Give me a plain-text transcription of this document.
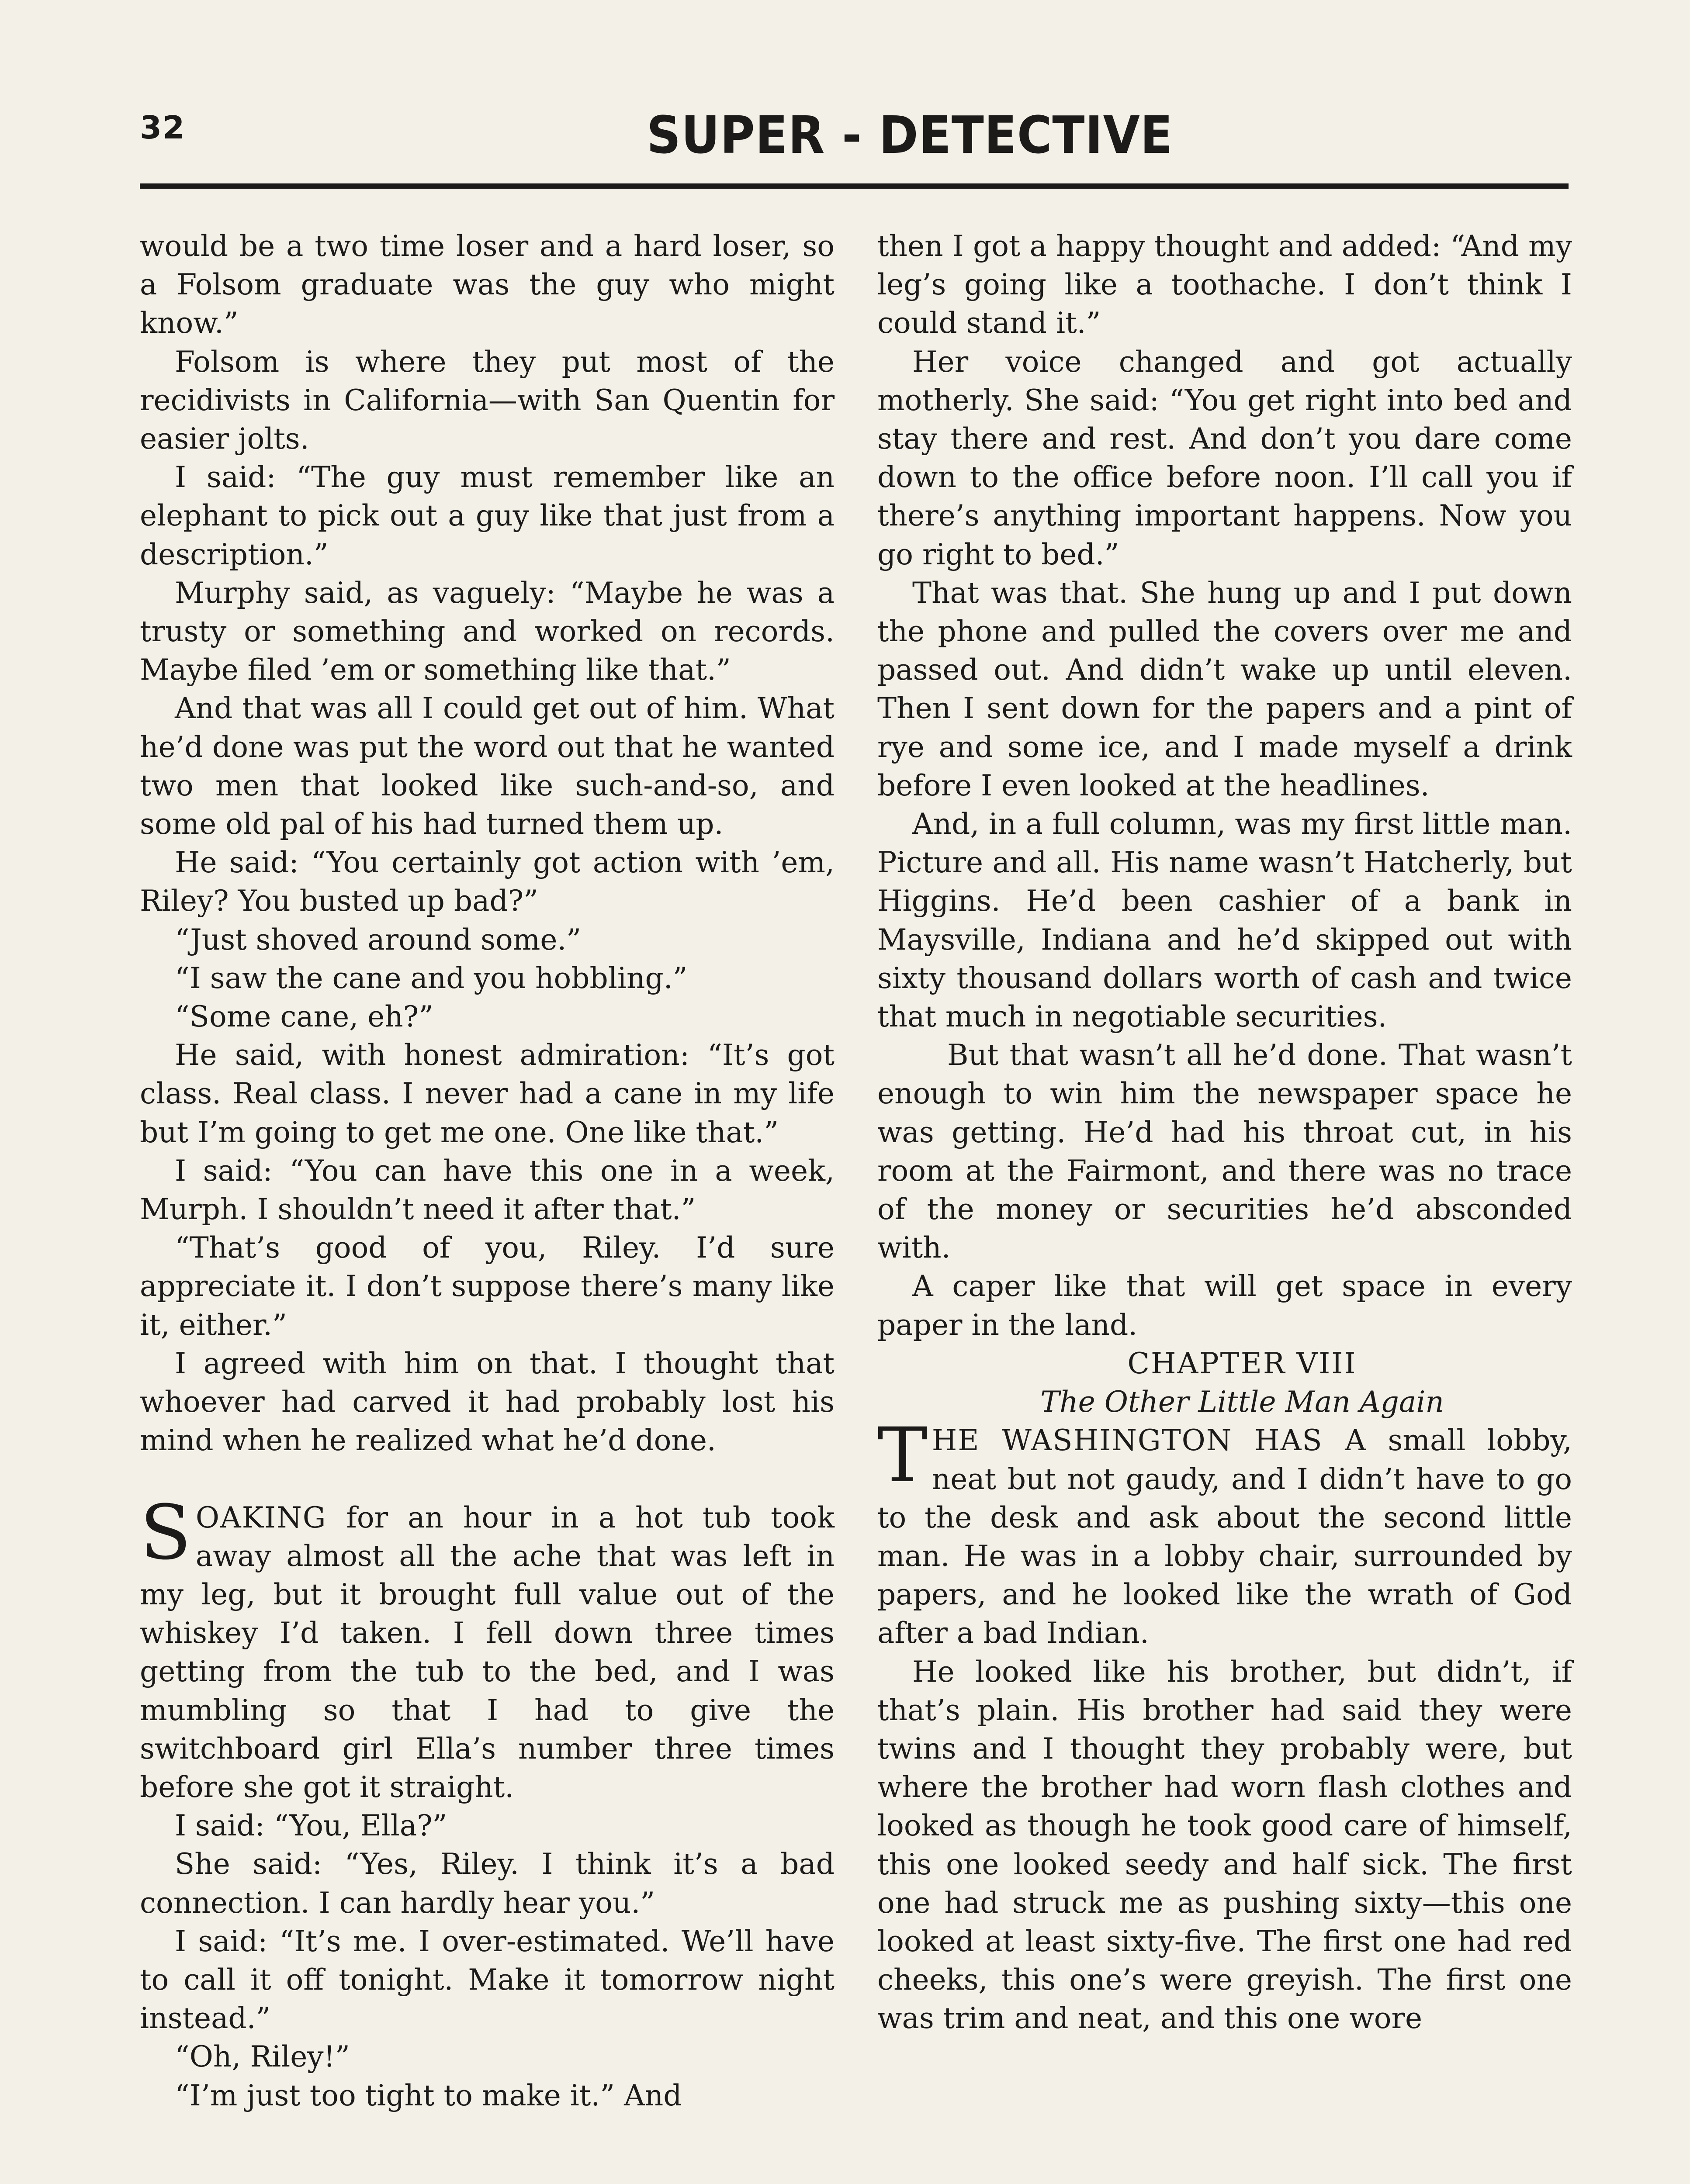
32	SUPER - DETECTIVE

would be a two time loser and a hard loser, so a Folsom graduate was the guy who might know.”

Folsom is where they put most of the recidivists in California—with San Quentin for easier jolts.

I said: “The guy must remember like an elephant to pick out a guy like that just from a description.”

Murphy said, as vaguely: “Maybe he was a trusty or something and worked on records. Maybe filed ’em or something like that.”

And that was all I could get out of him. What he’d done was put the word out that he wanted two men that looked like such-and-so, and some old pal of his had turned them up.

He said: “You certainly got action with ’em, Riley? You busted up bad?”

“Just shoved around some.”

“I saw the cane and you hobbling.”

“Some cane, eh?”

He said, with honest admiration: “It’s got class. Real class. I never had a cane in my life but I’m going to get me one. One like that.”

I said: “You can have this one in a week, Murph. I shouldn’t need it after that.”

“That’s good of you, Riley. I’d sure appreciate it. I don’t suppose there’s many like it, either.”

I agreed with him on that. I thought that whoever had carved it had probably lost his mind when he realized what he’d done.

SOAKING for an hour in a hot tub took away almost all the ache that was left in my leg, but it brought full value out of the whiskey I’d taken. I fell down three times getting from the tub to the bed, and I was mumbling so that I had to give the switchboard girl Ella’s number three times before she got it straight.

I said: “You, Ella?”

She said: “Yes, Riley. I think it’s a bad connection. I can hardly hear you.”

I said: “It’s me. I over-estimated. We’ll have to call it off tonight. Make it tomorrow night instead.”

“Oh, Riley!”

“I’m just too tight to make it.” And

then I got a happy thought and added: “And my leg’s going like a toothache. I don’t think I could stand it.”

Her voice changed and got actually motherly. She said: “You get right into bed and stay there and rest. And don’t you dare come down to the office before noon. I’ll call you if there’s anything important happens. Now you go right to bed.”

That was that. She hung up and I put down the phone and pulled the covers over me and passed out. And didn’t wake up until eleven. Then I sent down for the papers and a pint of rye and some ice, and I made myself a drink before I even looked at the headlines.

And, in a full column, was my first little man. Picture and all. His name wasn’t Hatcherly, but Higgins. He’d been cashier of a bank in Maysville, Indiana and he’d skipped out with sixty thousand dollars worth of cash and twice that much in negotiable securities.

But that wasn’t all he’d done. That wasn’t enough to win him the newspaper space he was getting. He’d had his throat cut, in his room at the Fairmont, and there was no trace of the money or securities he’d absconded with.

A caper like that will get space in every paper in the land.

CHAPTER VIII

The Other Little Man Again

THE WASHINGTON HAS A small lobby, neat but not gaudy, and I didn’t have to go to the desk and ask about the second little man. He was in a lobby chair, surrounded by papers, and he looked like the wrath of God after a bad Indian.

He looked like his brother, but didn’t, if that’s plain. His brother had said they were twins and I thought they probably were, but where the brother had worn flash clothes and looked as though he took good care of himself, this one looked seedy and half sick. The first one had struck me as pushing sixty—this one looked at least sixty-five. The first one had red cheeks, this one’s were greyish. The first one was trim and neat, and this one wore
